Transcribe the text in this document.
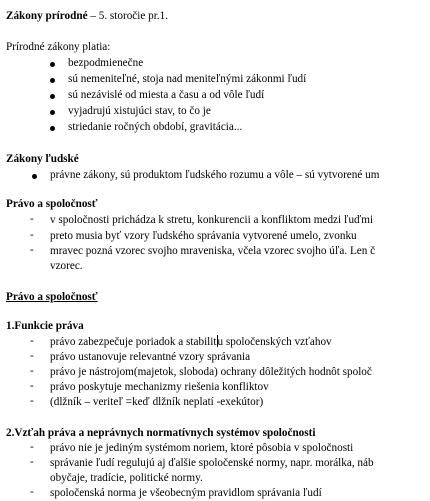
Zákony prírodné – 5. storočie pr.1.
Prírodné zákony platia:
bezpodmienečne
sú nemeniteľné, stoja nad meniteľnými zákonmi ľudí
sú nezávislé od miesta a času a od vôle ľudí
vyjadrujú xistujúci stav, to čo je
striedanie ročných období, gravitácia...
Zákony ľudské
právne zákony, sú produktom ľudského rozumu a vôle – sú vytvorené um
Právo a spoločnosť
- v spoločnosti prichádza k stretu, konkurencii a konfliktom medzi ľuďmi
- preto musia byť vzory ľudského správania vytvorené umelo, zvonku
- mravec pozná vzorec svojho mraveniska, včela vzorec svojho úľa. Len č
vzorec.
Právo a spoločnosť
1.Funkcie práva
- právo zabezpečuje poriadok a stabilitu spoločenských vzťahov
- právo ustanovuje relevantné vzory správania
- právo je nástrojom(majetok, sloboda) ochrany dôležitých hodnôt spoloč
- právo poskytuje mechanizmy riešenia konfliktov
- (dlžník – veriteľ =keď dlžník neplatí -exekútor)
2.Vzťah práva a neprávnych normatívnych systémov spoločnosti
- právo nie je jediným systémom noriem, ktoré pôsobia v spoločnosti
- správanie ľudí regulujú aj ďalšie spoločenské normy, napr. morálka, náb
obyčaje, tradície, politické normy.
- spoločenská norma je všeobecným pravidlom správania ľudí
